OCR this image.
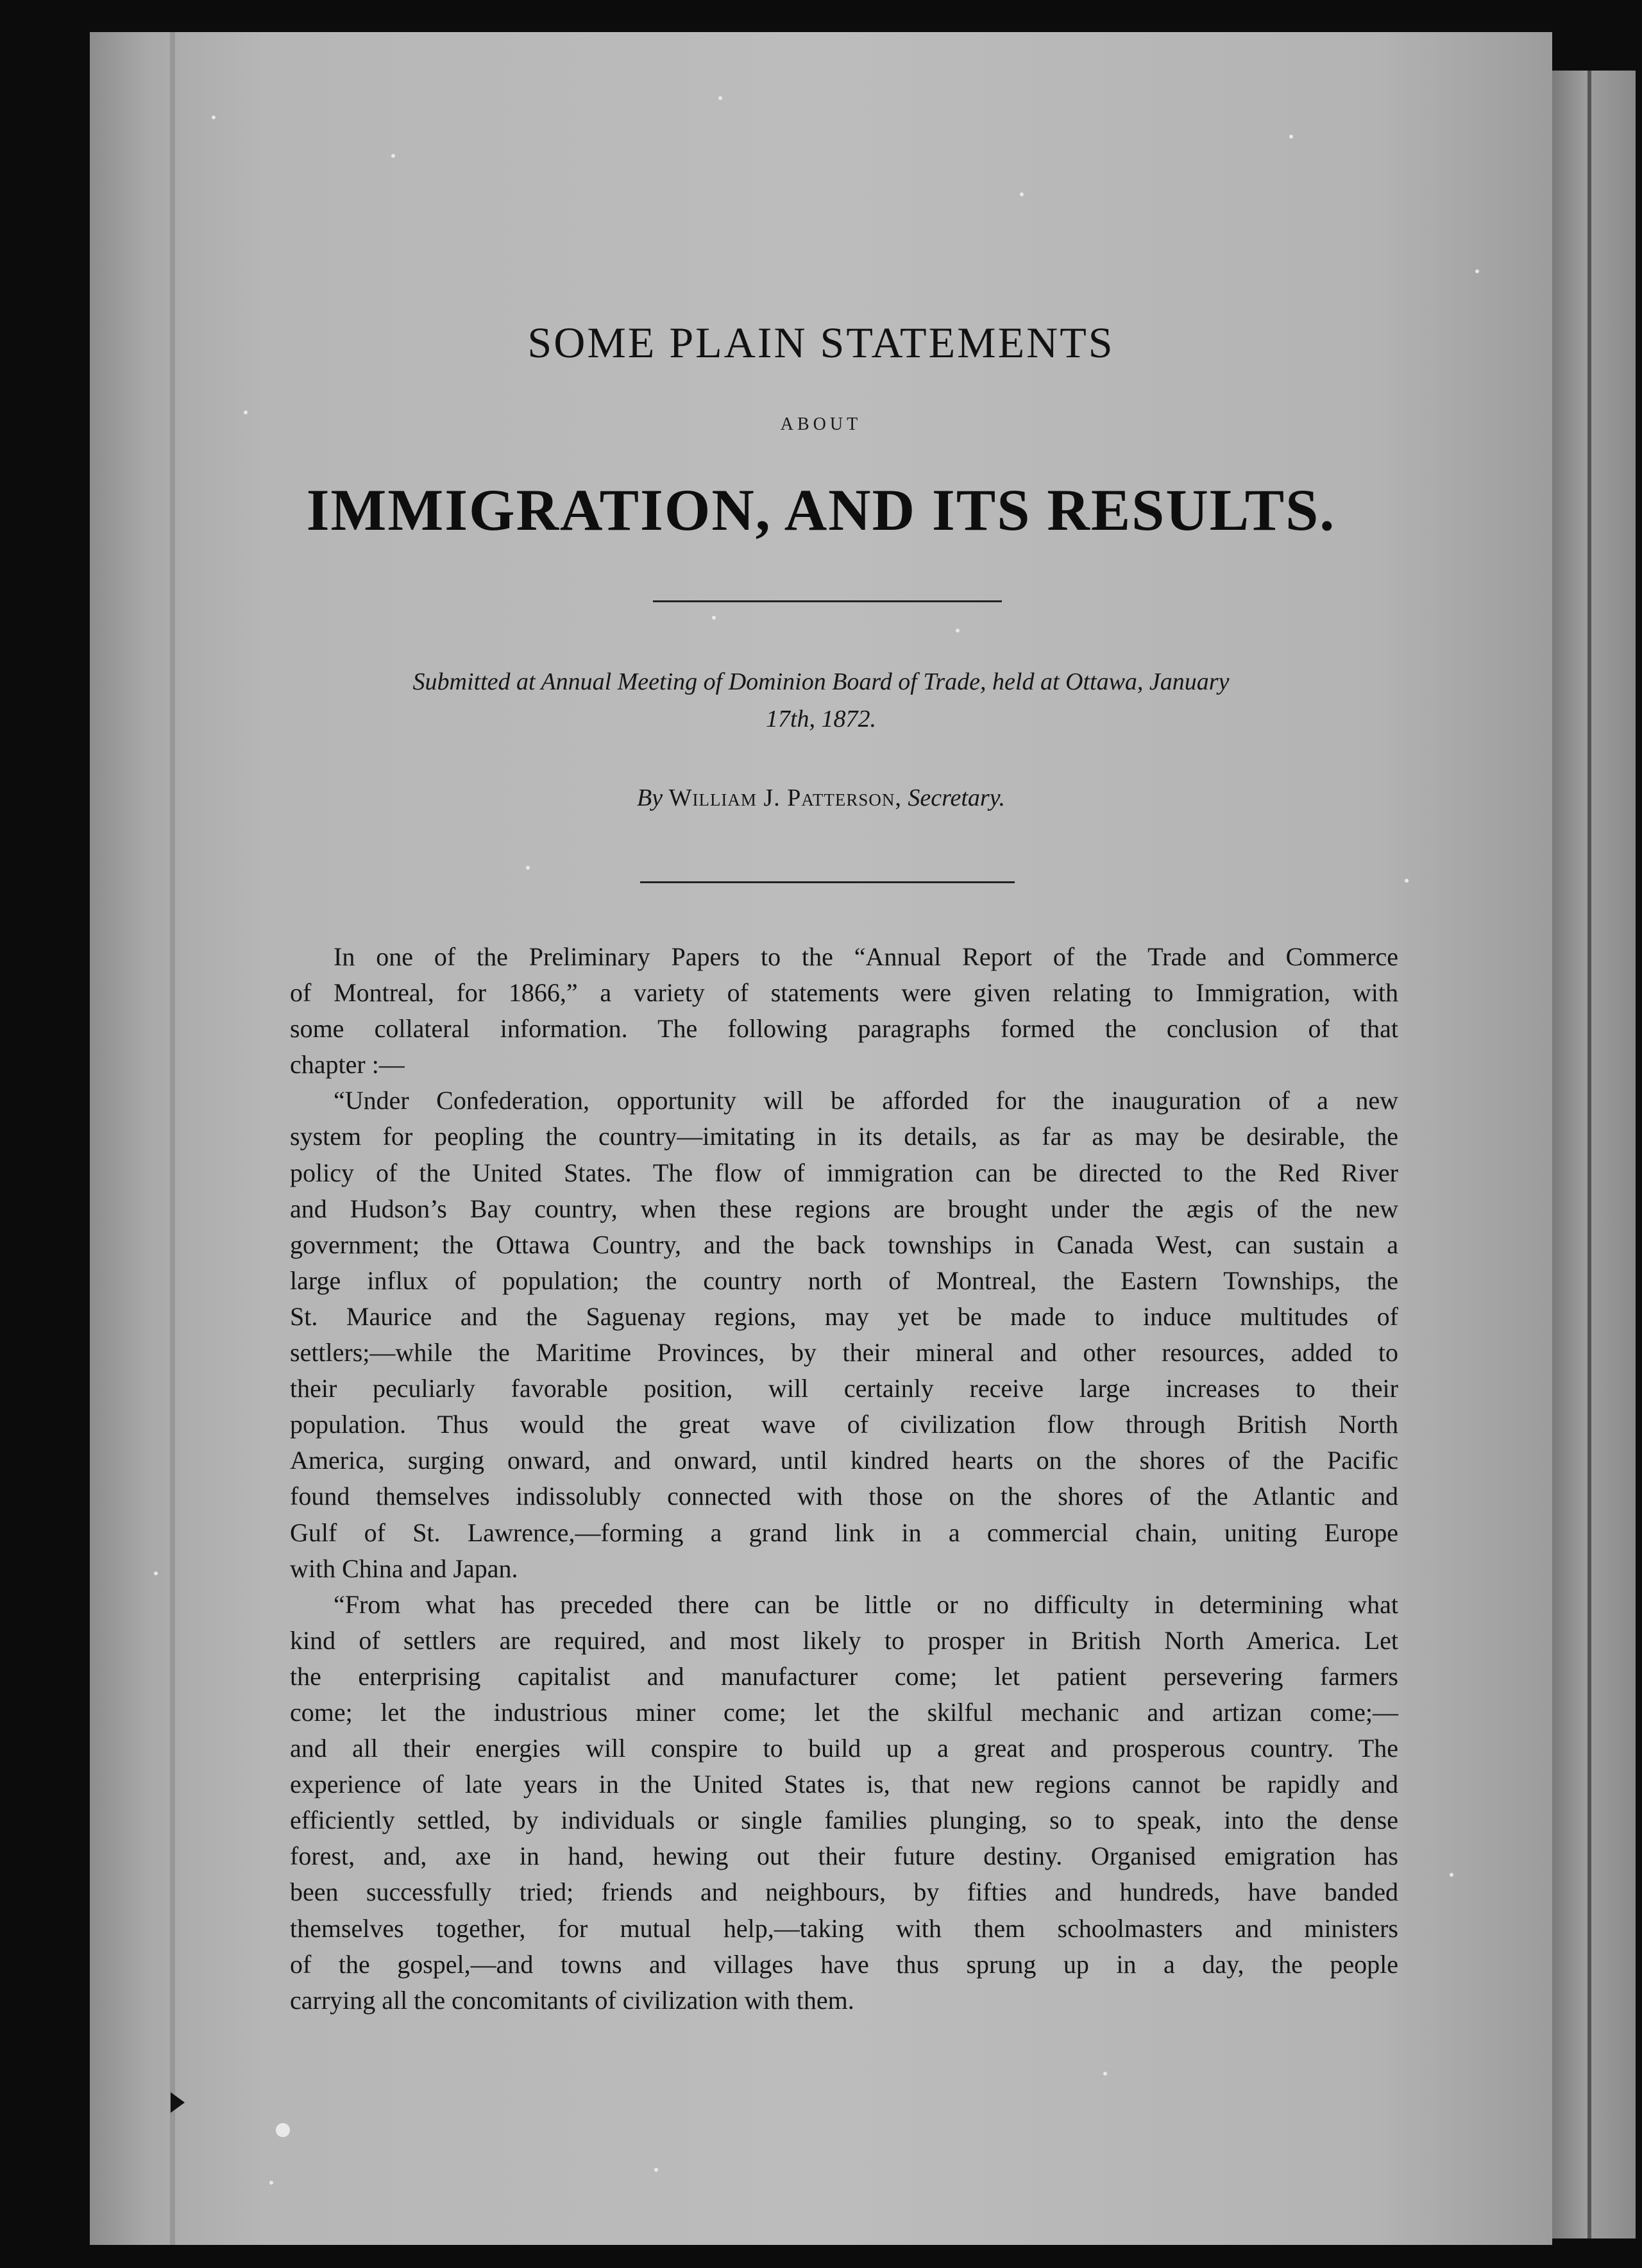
SOME PLAIN STATEMENTS
ABOUT
IMMIGRATION, AND ITS RESULTS.
Submitted at Annual Meeting of Dominion Board of Trade, held at Ottawa, January
17th, 1872.
By William J. Patterson, Secretary.
In one of the Preliminary Papers to the “Annual Report of the Trade and Commerce
of Montreal, for 1866,” a variety of statements were given relating to Immigration, with
some collateral information. The following paragraphs formed the conclusion of that
chapter :—
“Under Confederation, opportunity will be afforded for the inauguration of a new
system for peopling the country—imitating in its details, as far as may be desirable, the
policy of the United States. The flow of immigration can be directed to the Red River
and Hudson’s Bay country, when these regions are brought under the ægis of the new
government; the Ottawa Country, and the back townships in Canada West, can sustain a
large influx of population; the country north of Montreal, the Eastern Townships, the
St. Maurice and the Saguenay regions, may yet be made to induce multitudes of
settlers;—while the Maritime Provinces, by their mineral and other resources, added to
their peculiarly favorable position, will certainly receive large increases to their
population. Thus would the great wave of civilization flow through British North
America, surging onward, and onward, until kindred hearts on the shores of the Pacific
found themselves indissolubly connected with those on the shores of the Atlantic and
Gulf of St. Lawrence,—forming a grand link in a commercial chain, uniting Europe
with China and Japan.
“From what has preceded there can be little or no difficulty in determining what
kind of settlers are required, and most likely to prosper in British North America. Let
the enterprising capitalist and manufacturer come; let patient persevering farmers
come; let the industrious miner come; let the skilful mechanic and artizan come;—
and all their energies will conspire to build up a great and prosperous country. The
experience of late years in the United States is, that new regions cannot be rapidly and
efficiently settled, by individuals or single families plunging, so to speak, into the dense
forest, and, axe in hand, hewing out their future destiny. Organised emigration has
been successfully tried; friends and neighbours, by fifties and hundreds, have banded
themselves together, for mutual help,—taking with them schoolmasters and ministers
of the gospel,—and towns and villages have thus sprung up in a day, the people
carrying all the concomitants of civilization with them.
